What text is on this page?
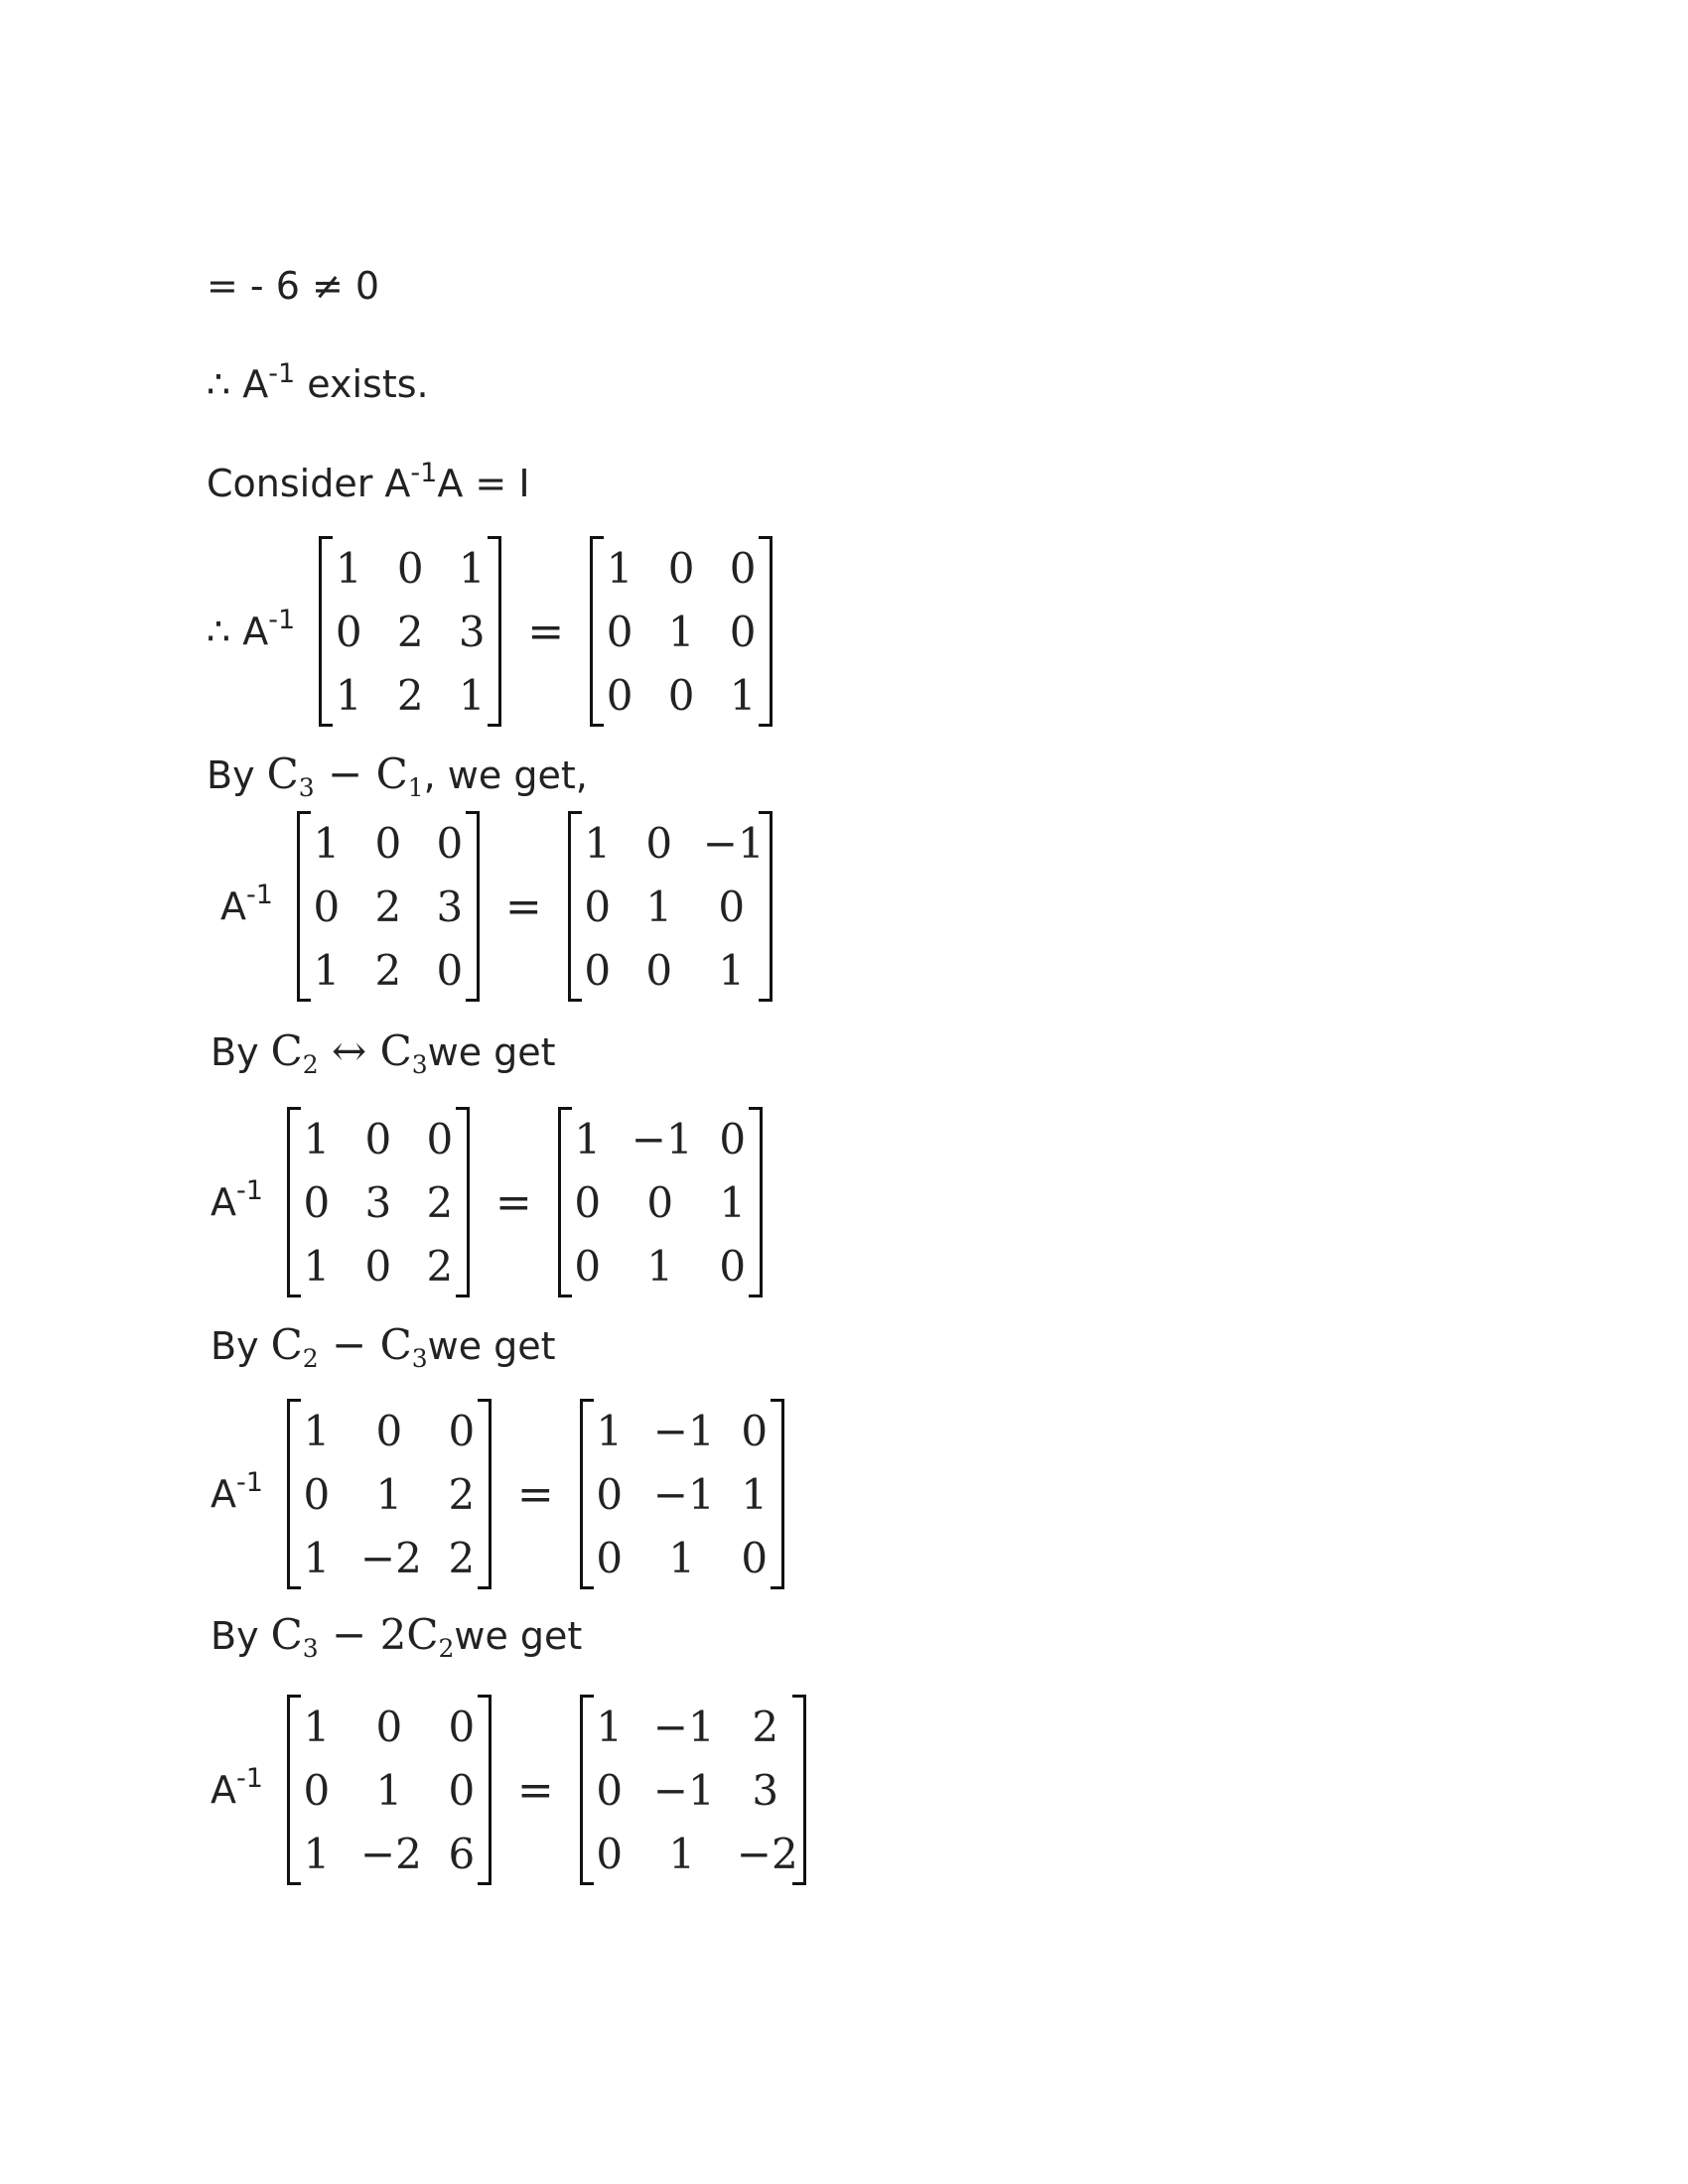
= - 6 ≠ 0
∴ $A^{-1}$ exists.
Consider $A^{-1}A = I$
∴ $A^{-1}$
1 0 1
0 2 3
1 2 1
=
1 0 0
0 1 0
0 0 1
By $C_3 - C_1$, we get,
$A^{-1}$
1 0 0
0 2 3
1 2 0
=
1 0 −1
0 1	0
0 0	1
By $C_2$ ↔ $C_3we$ get
$A^{-1}$
1 0 0
0 3 2
1 0 2
=
1 −1 0
0	0	1
0	1	0
By $C_2 - C_3we$ get
$A^{-1}$
1	0	0
0	1	2
1 −2 2
=
1 −1 0
0 −1 1
0	1	0
By $C_3 - 2C_2we$ get
$A^{-1}$
1	0	0
0	1	0
1 −2 6
=
1 −1 2
0 −1 3
0	1 −2
